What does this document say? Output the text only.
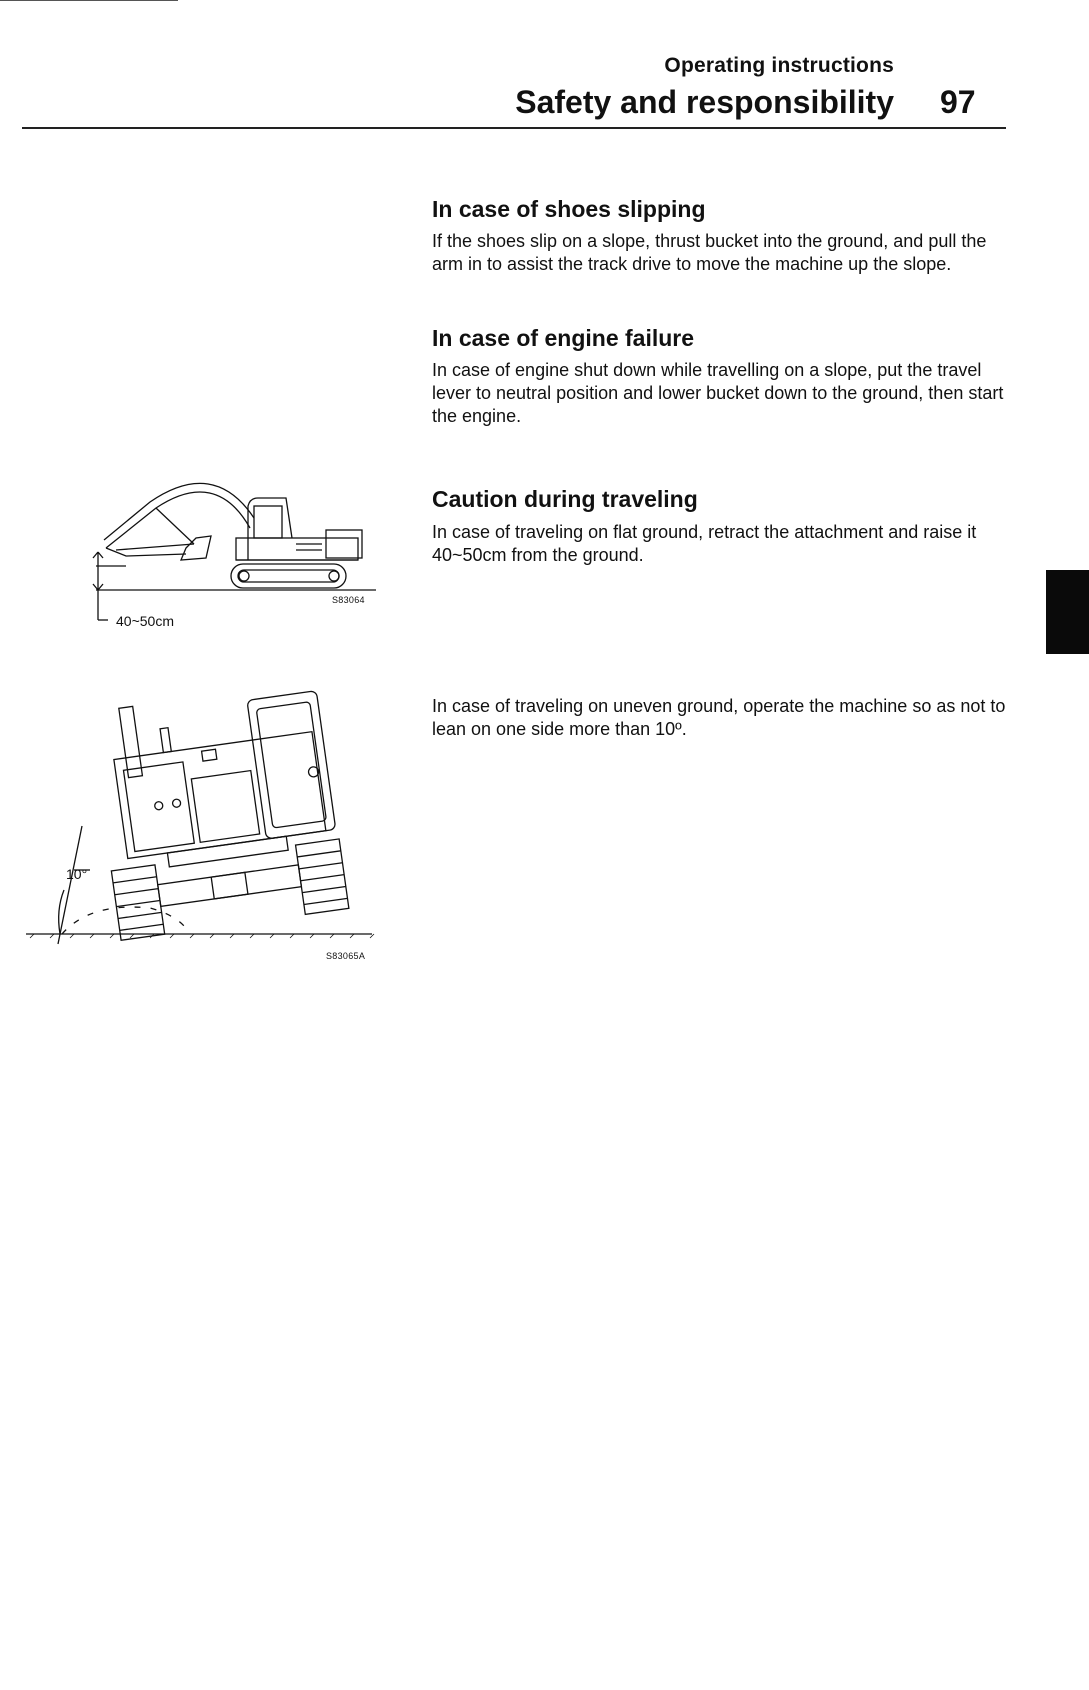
Operating instructions
Safety and responsibility 97
In case of shoes slipping
If the shoes slip on a slope, thrust bucket into the ground, and pull the arm in to assist the track drive to move the machine up the slope.
In case of engine failure
In case of engine shut down while travelling on a slope, put the travel lever to neutral position and lower bucket down to the ground, then start the engine.
Caution during traveling
In case of traveling on flat ground, retract the attachment and raise it 40~50cm from the ground.
In case of traveling on uneven ground, operate the machine so as not to lean on one side more than 10º.
40~50cm
S83064
10°
S83065A
